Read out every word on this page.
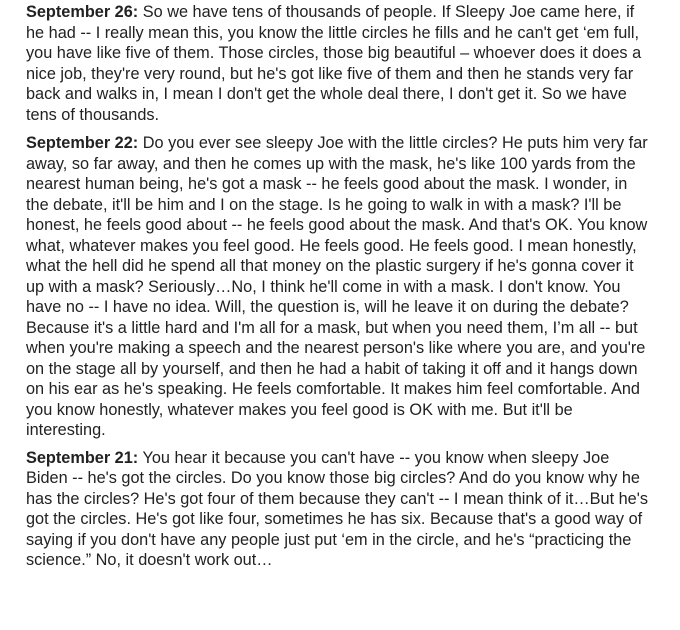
September 26: So we have tens of thousands of people. If Sleepy Joe came here, if he had -- I really mean this, you know the little circles he fills and he can't get ‘em full, you have like five of them. Those circles, those big beautiful – whoever does it does a nice job, they're very round, but he's got like five of them and then he stands very far back and walks in, I mean I don't get the whole deal there, I don't get it. So we have tens of thousands.

September 22: Do you ever see sleepy Joe with the little circles? He puts him very far away, so far away, and then he comes up with the mask, he's like 100 yards from the nearest human being, he's got a mask -- he feels good about the mask. I wonder, in the debate, it'll be him and I on the stage. Is he going to walk in with a mask? I'll be honest, he feels good about -- he feels good about the mask. And that's OK. You know what, whatever makes you feel good. He feels good. He feels good. I mean honestly, what the hell did he spend all that money on the plastic surgery if he's gonna cover it up with a mask? Seriously…No, I think he'll come in with a mask. I don't know. You have no -- I have no idea. Will, the question is, will he leave it on during the debate? Because it's a little hard and I'm all for a mask, but when you need them, I’m all -- but when you're making a speech and the nearest person's like where you are, and you're on the stage all by yourself, and then he had a habit of taking it off and it hangs down on his ear as he's speaking. He feels comfortable. It makes him feel comfortable. And you know honestly, whatever makes you feel good is OK with me. But it'll be interesting.

September 21: You hear it because you can't have -- you know when sleepy Joe Biden -- he's got the circles. Do you know those big circles? And do you know why he has the circles? He's got four of them because they can't -- I mean think of it…But he's got the circles. He's got like four, sometimes he has six. Because that's a good way of saying if you don't have any people just put ‘em in the circle, and he's “practicing the science.” No, it doesn't work out…
